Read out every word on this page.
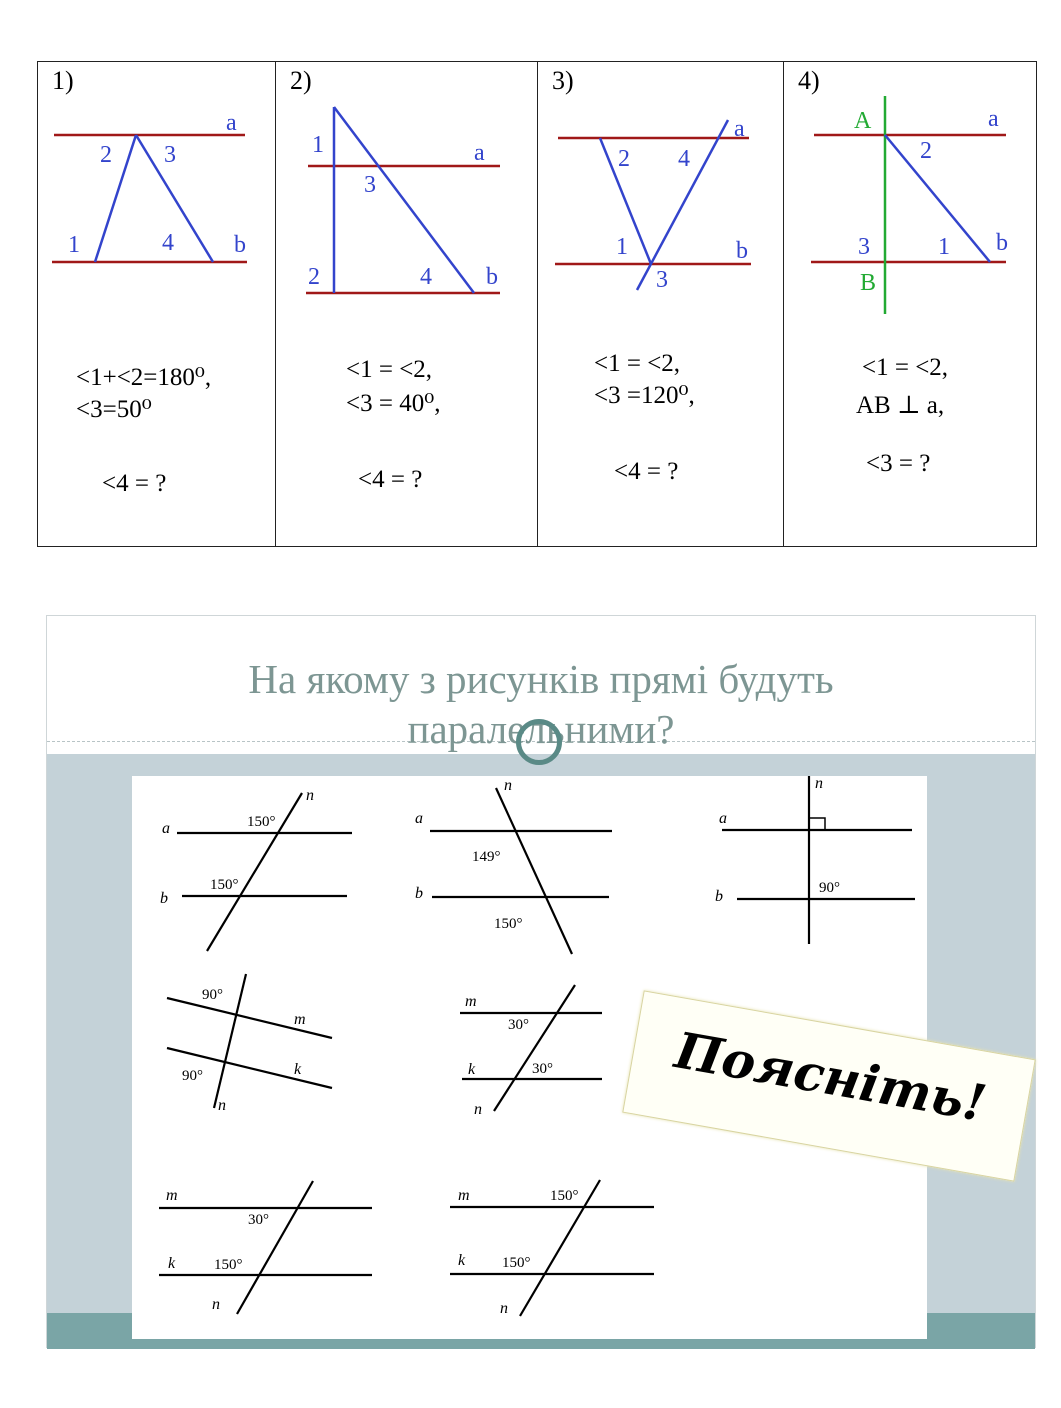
a
b
2 3
1	4
1)
<1+<2=180⁰,
<3=50⁰
<4 = ?
a
b
1
3
2	4
2)
<1 = <2,
<3 = 40⁰,
<4 = ?
a
b
2 4
1
3
3)
<1 = <2,
<3 =120⁰,
<4 = ?
A
B
a
b
2
3	1
4)
<1 = <2,
AB ⊥ a,
<3 = ?
На якому з рисунків прямі будуть
паралельними?
a
b
n
150°
150°
a
b
n
149°
150°
a
b
n
90°
90°
m
k
90°
n
m
30°
k	30°
n
m
30°
k	150°
n
m	150°
k 150°
n
Поясніть!
